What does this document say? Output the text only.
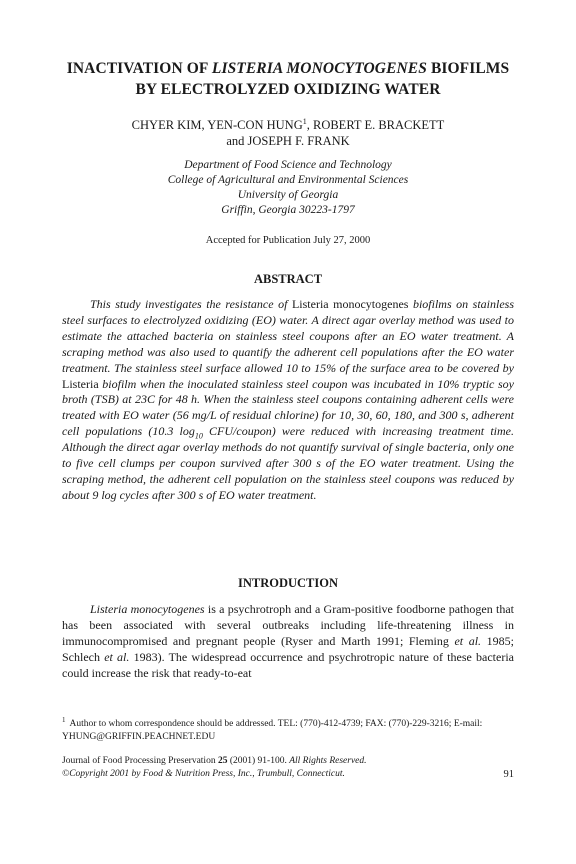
INACTIVATION OF LISTERIA MONOCYTOGENES BIOFILMS
BY ELECTROLYZED OXIDIZING WATER
CHYER KIM, YEN-CON HUNG$^1$, ROBERT E. BRACKETT
and JOSEPH F. FRANK
Department of Food Science and Technology
College of Agricultural and Environmental Sciences
University of Georgia
Griffin, Georgia 30223-1797
Accepted for Publication July 27, 2000
ABSTRACT
This study investigates the resistance of Listeria monocytogenes biofilms on stainless steel surfaces to electrolyzed oxidizing (EO) water. A direct agar overlay method was used to estimate the attached bacteria on stainless steel coupons after an EO water treatment. A scraping method was also used to quantify the adherent cell populations after the EO water treatment. The stainless steel surface allowed 10 to 15% of the surface area to be covered by Listeria biofilm when the inoculated stainless steel coupon was incubated in 10% tryptic soy broth (TSB) at 23C for 48 h. When the stainless steel coupons containing adherent cells were treated with EO water (56 mg/L of residual chlorine) for 10, 30, 60, 180, and 300 s, adherent cell populations (10.3 $\log_{10}$ CFU/coupon) were reduced with increasing treatment time. Although the direct agar overlay methods do not quantify survival of single bacteria, only one to five cell clumps per coupon survived after 300 s of the EO water treatment. Using the scraping method, the adherent cell population on the stainless steel coupons was reduced by about 9 log cycles after 300 s of EO water treatment.
INTRODUCTION
Listeria monocytogenes is a psychrotroph and a Gram-positive foodborne pathogen that has been associated with several outbreaks including life-threatening illness in immunocompromised and pregnant people (Ryser and Marth 1991; Fleming et al. 1985; Schlech et al. 1983). The widespread occurrence and psychrotropic nature of these bacteria could increase the risk that ready-to-eat
$^1$ Author to whom correspondence should be addressed. TEL: (770)-412-4739; FAX: (770)-229-3216; E-mail: YHUNG@GRIFFIN.PEACHNET.EDU
Journal of Food Processing Preservation 25 (2001) 91-100. All Rights Reserved.
©Copyright 2001 by Food & Nutrition Press, Inc., Trumbull, Connecticut.	91
